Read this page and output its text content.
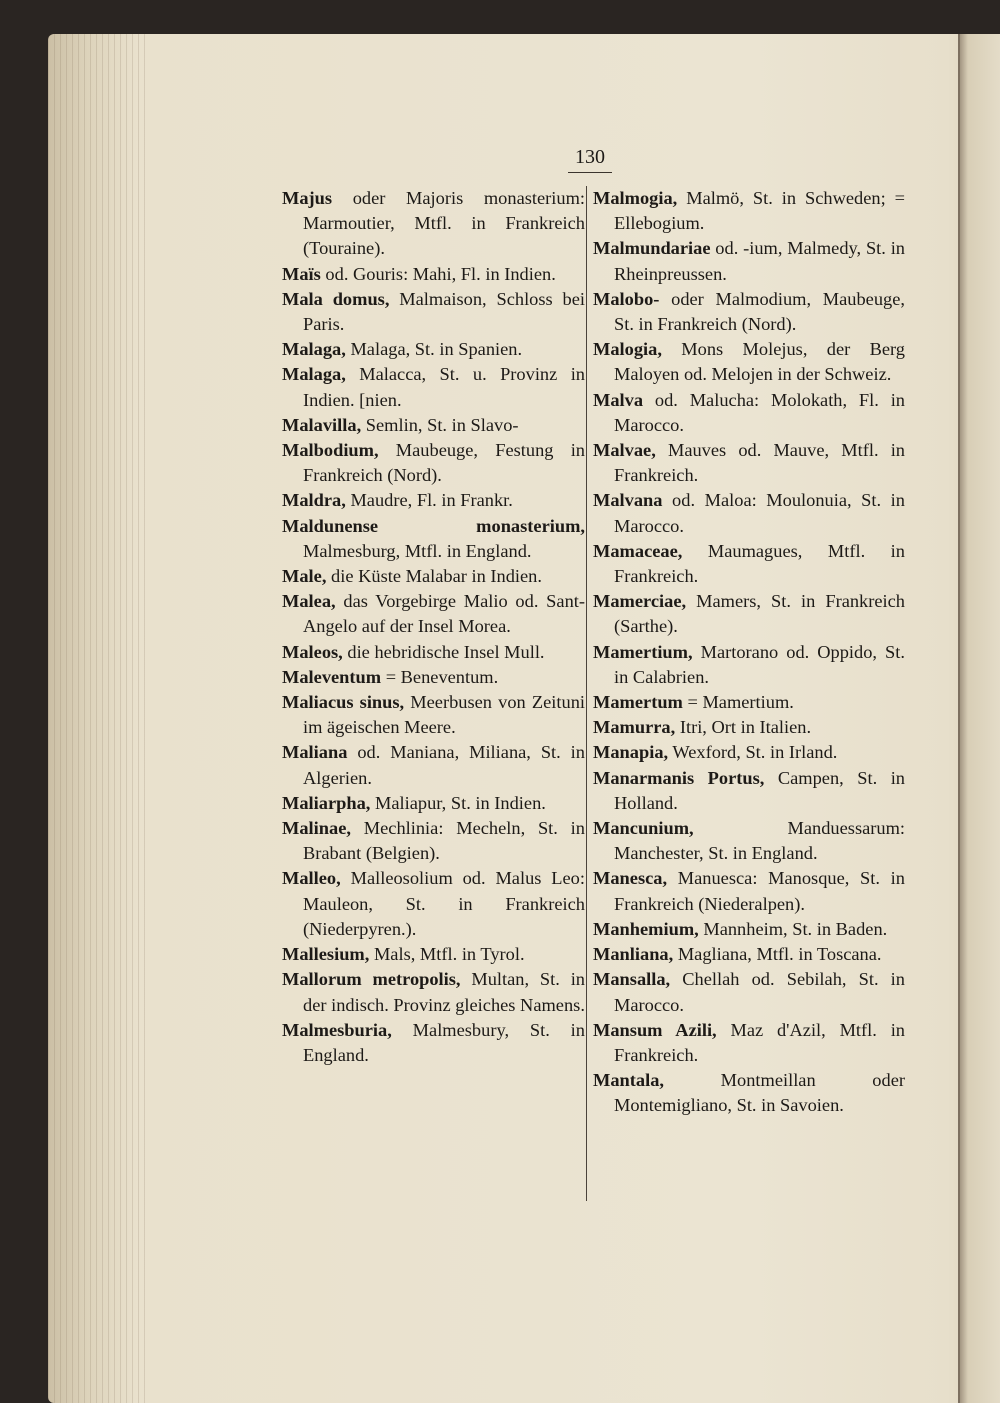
130

Majus oder Majoris monasterium: Marmoutier, Mtfl. in Frankreich (Touraine).

Maïs od. Gouris: Mahi, Fl. in Indien.

Mala domus, Malmaison, Schloss bei Paris.

Malaga, Malaga, St. in Spanien.

Malaga, Malacca, St. u. Provinz in Indien. [nien.

Malavilla, Semlin, St. in Slavo-

Malbodium, Maubeuge, Festung in Frankreich (Nord).

Maldra, Maudre, Fl. in Frankr.

Maldunense monasterium, Malmesburg, Mtfl. in England.

Male, die Küste Malabar in Indien.

Malea, das Vorgebirge Malio od. Sant-Angelo auf der Insel Morea.

Maleos, die hebridische Insel Mull.

Maleventum = Beneventum.

Maliacus sinus, Meerbusen von Zeituni im ägeischen Meere.

Maliana od. Maniana, Miliana, St. in Algerien.

Maliarpha, Maliapur, St. in Indien.

Malinae, Mechlinia: Mecheln, St. in Brabant (Belgien).

Malleo, Malleosolium od. Malus Leo: Mauleon, St. in Frankreich (Niederpyren.).

Mallesium, Mals, Mtfl. in Tyrol.

Mallorum metropolis, Multan, St. in der indisch. Provinz gleiches Namens.

Malmesburia, Malmesbury, St. in England.

Malmogia, Malmö, St. in Schweden; = Ellebogium.

Malmundariae od. -ium, Malmedy, St. in Rheinpreussen.

Malobo- oder Malmodium, Maubeuge, St. in Frankreich (Nord).

Malogia, Mons Molejus, der Berg Maloyen od. Melojen in der Schweiz.

Malva od. Malucha: Molokath, Fl. in Marocco.

Malvae, Mauves od. Mauve, Mtfl. in Frankreich.

Malvana od. Maloa: Moulonuia, St. in Marocco.

Mamaceae, Maumagues, Mtfl. in Frankreich.

Mamerciae, Mamers, St. in Frankreich (Sarthe).

Mamertium, Martorano od. Oppido, St. in Calabrien.

Mamertum = Mamertium.

Mamurra, Itri, Ort in Italien.

Manapia, Wexford, St. in Irland.

Manarmanis Portus, Campen, St. in Holland.

Mancunium, Manduessarum: Manchester, St. in England.

Manesca, Manuesca: Manosque, St. in Frankreich (Niederalpen).

Manhemium, Mannheim, St. in Baden.

Manliana, Magliana, Mtfl. in Toscana.

Mansalla, Chellah od. Sebilah, St. in Marocco.

Mansum Azili, Maz d'Azil, Mtfl. in Frankreich.

Mantala, Montmeillan oder Montemigliano, St. in Savoien.
